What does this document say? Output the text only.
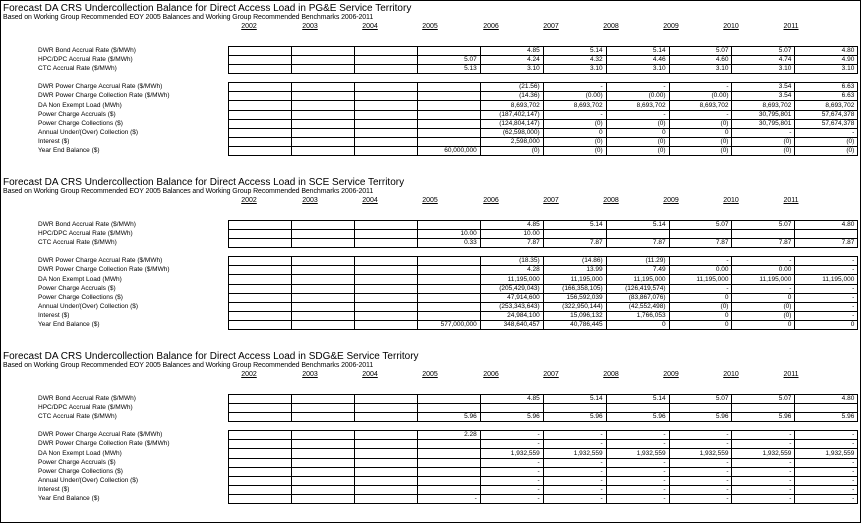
Forecast DA CRS Undercollection Balance for Direct Access Load in PG&E Service Territory
Based on Working Group Recommended EOY 2005 Balances and Working Group Recommended Benchmarks 2006-2011
2002	2003	2004	2005	2006	2007	2008	2009	2010	2011
DWR Bond Accrual Rate ($/MWh)					4.85	5.14	5.14	5.07	5.07	4.80	
HPC/DPC Accrual Rate ($/MWh)				5.07	4.24	4.32	4.46	4.60	4.74	4.90	
CTC Accrual Rate ($/MWh)				5.13	3.10	3.10	3.10	3.10	3.10	3.10	
DWR Power Charge Accrual Rate ($/MWh)					(21.56)	-	-	-	3.54	6.63	
DWR Power Charge Collection Rate ($/MWh)					(14.36)	(0.00)	(0.00)	(0.00)	3.54	6.63	
DA Non Exempt Load (MWh)					8,693,702	8,693,702	8,693,702	8,693,702	8,693,702	8,693,702	
Power Charge Accruals ($)					(187,402,147)	-	-	-	30,795,801	57,674,378	
Power Charge Collections ($)					(124,804,147)	(0)	(0)	(0)	30,795,801	57,674,378	
Annual Under/(Over) Collection ($)					(62,598,000)	0	0	0	-	-	
Interest ($)					2,598,000	(0)	(0)	(0)	(0)	(0)	
Year End Balance ($)				60,000,000	(0)	(0)	(0)	(0)	(0)	(0)	
Forecast DA CRS Undercollection Balance for Direct Access Load in SCE Service Territory
Based on Working Group Recommended EOY 2005 Balances and Working Group Recommended Benchmarks 2006-2011
2002	2003	2004	2005	2006	2007	2008	2009	2010	2011
DWR Bond Accrual Rate ($/MWh)					4.85	5.14	5.14	5.07	5.07	4.80	
HPC/DPC Accrual Rate ($/MWh)				10.00	10.00						
CTC Accrual Rate ($/MWh)				0.33	7.87	7.87	7.87	7.87	7.87	7.87	
DWR Power Charge Accrual Rate ($/MWh)					(18.35)	(14.86)	(11.29)	-	-	-	
DWR Power Charge Collection Rate ($/MWh)					4.28	13.99	7.49	0.00	0.00	-	
DA Non Exempt Load (MWh)					11,195,000	11,195,000	11,195,000	11,195,000	11,195,000	11,195,000	
Power Charge Accruals ($)					(205,429,043)	(166,358,105)	(126,419,574)	-	-	-	
Power Charge Collections ($)					47,914,600	156,592,039	(83,867,076)	0	0	-	
Annual Under/(Over) Collection ($)					(253,343,643)	(322,950,144)	(42,552,498)	(0)	(0)	-	
Interest ($)					24,984,100	15,096,132	1,766,053	0	(0)	-	
Year End Balance ($)				577,000,000	348,640,457	40,786,445	0	0	0	0	
Forecast DA CRS Undercollection Balance for Direct Access Load in SDG&E Service Territory
Based on Working Group Recommended EOY 2005 Balances and Working Group Recommended Benchmarks 2006-2011
2002	2003	2004	2005	2006	2007	2008	2009	2010	2011
DWR Bond Accrual Rate ($/MWh)					4.85	5.14	5.14	5.07	5.07	4.80	
HPC/DPC Accrual Rate ($/MWh)											
CTC Accrual Rate ($/MWh)				5.96	5.96	5.96	5.96	5.96	5.96	5.96	
DWR Power Charge Accrual Rate ($/MWh)				2.28	-	-	-	-	-	-	
DWR Power Charge Collection Rate ($/MWh)					-	-	-	-	-	-	
DA Non Exempt Load (MWh)					1,932,559	1,932,559	1,932,559	1,932,559	1,932,559	1,932,559	
Power Charge Accruals ($)					-	-	-	-	-	-	
Power Charge Collections ($)					-	-	-	-	-	-	
Annual Under/(Over) Collection ($)					-	-	-	-	-	-	
Interest ($)					-	-	-	-	-	-	
Year End Balance ($)				-	-	-	-	-	-	-	
